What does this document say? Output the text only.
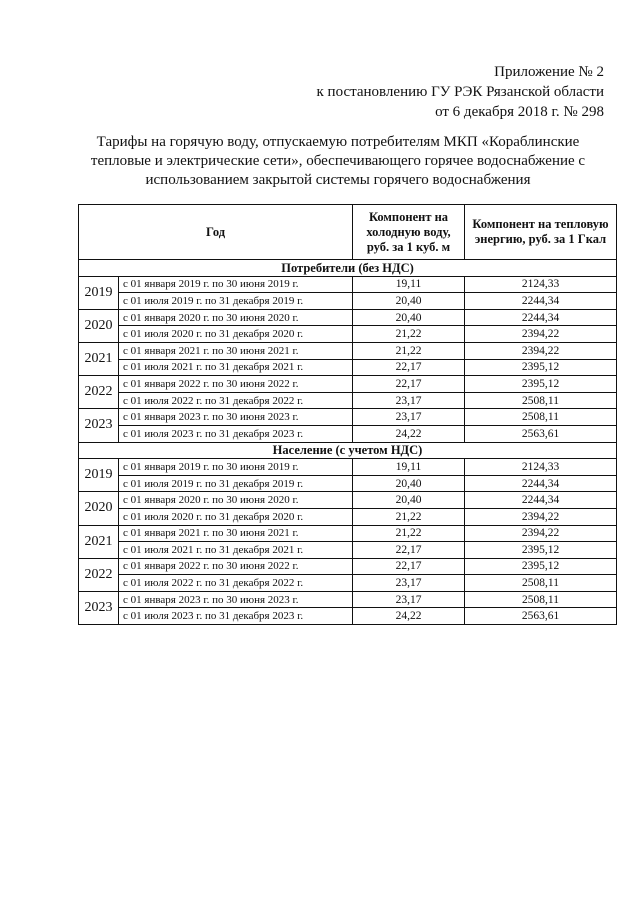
Приложение № 2
к постановлению ГУ РЭК Рязанской области
от 6 декабря 2018 г. № 298
Тарифы на горячую воду, отпускаемую потребителям МКП «Кораблинские
тепловые и электрические сети», обеспечивающего горячее водоснабжение с
использованием закрытой системы горячего водоснабжения
Год		Компонент на холодную воду, руб. за 1 куб. м	Компонент на тепловую энергию, руб. за 1 Гкал
Потребители (без НДС)			
2019	с 01 января 2019 г. по 30 июня 2019 г.	19,11	2124,33
	с 01 июля 2019 г. по 31 декабря 2019 г.	20,40	2244,34
2020	с 01 января 2020 г. по 30 июня 2020 г.	20,40	2244,34
	с 01 июля 2020 г. по 31 декабря 2020 г.	21,22	2394,22
2021	с 01 января 2021 г. по 30 июня 2021 г.	21,22	2394,22
	с 01 июля 2021 г. по 31 декабря 2021 г.	22,17	2395,12
2022	с 01 января 2022 г. по 30 июня 2022 г.	22,17	2395,12
	с 01 июля 2022 г. по 31 декабря 2022 г.	23,17	2508,11
2023	с 01 января 2023 г. по 30 июня 2023 г.	23,17	2508,11
	с 01 июля 2023 г. по 31 декабря 2023 г.	24,22	2563,61
Население (с учетом НДС)			
2019	с 01 января 2019 г. по 30 июня 2019 г.	19,11	2124,33
	с 01 июля 2019 г. по 31 декабря 2019 г.	20,40	2244,34
2020	с 01 января 2020 г. по 30 июня 2020 г.	20,40	2244,34
	с 01 июля 2020 г. по 31 декабря 2020 г.	21,22	2394,22
2021	с 01 января 2021 г. по 30 июня 2021 г.	21,22	2394,22
	с 01 июля 2021 г. по 31 декабря 2021 г.	22,17	2395,12
2022	с 01 января 2022 г. по 30 июня 2022 г.	22,17	2395,12
	с 01 июля 2022 г. по 31 декабря 2022 г.	23,17	2508,11
2023	с 01 января 2023 г. по 30 июня 2023 г.	23,17	2508,11
	с 01 июля 2023 г. по 31 декабря 2023 г.	24,22	2563,61
